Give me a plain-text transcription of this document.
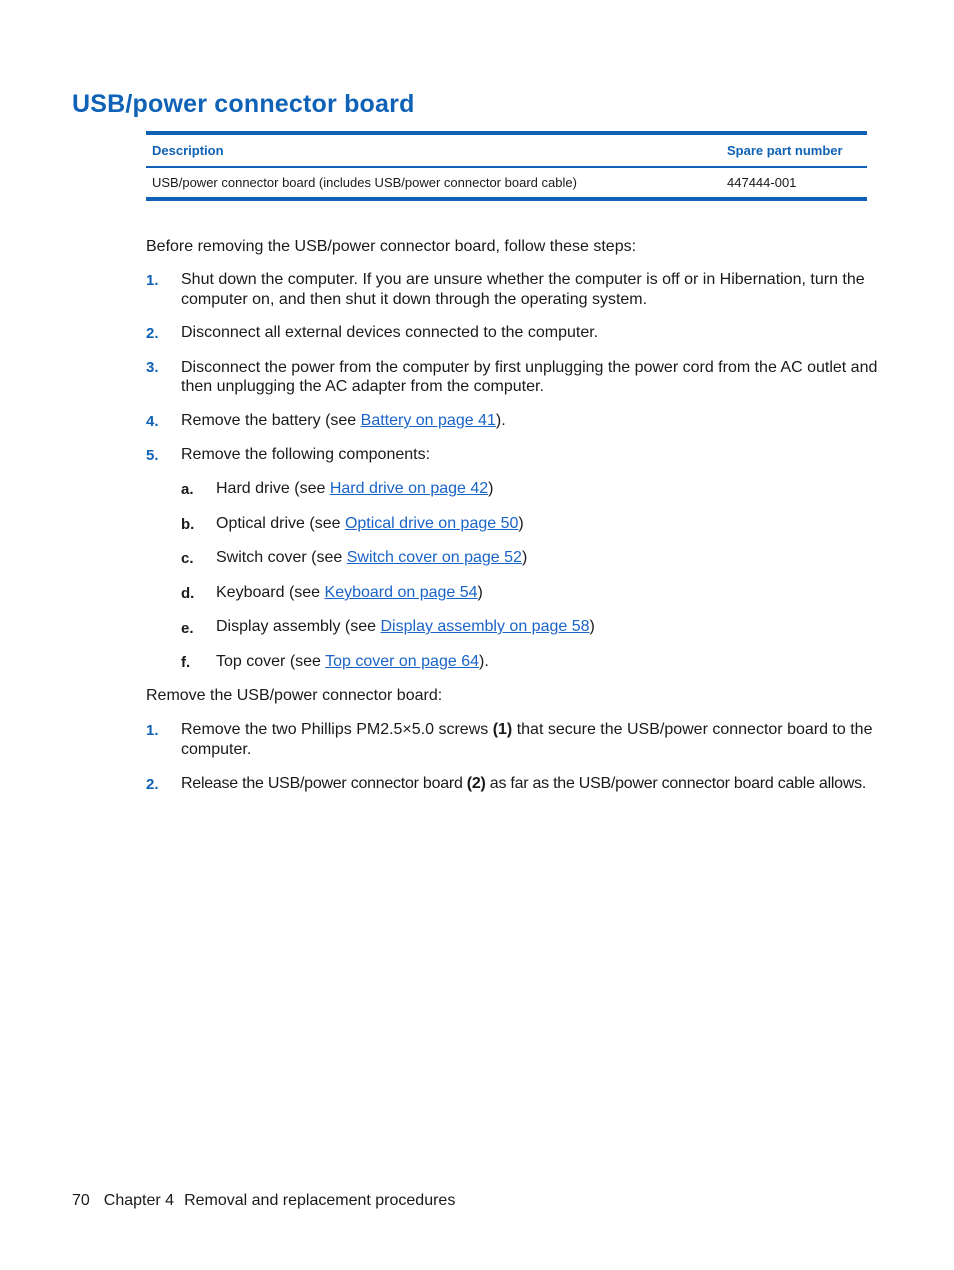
USB/power connector board
Description	Spare part number
USB/power connector board (includes USB/power connector board cable)	447444-001

Before removing the USB/power connector board, follow these steps:

1. Shut down the computer. If you are unsure whether the computer is off or in Hibernation, turn the

computer on, and then shut it down through the operating system.

2. Disconnect all external devices connected to the computer.

3. Disconnect the power from the computer by first unplugging the power cord from the AC outlet and

then unplugging the AC adapter from the computer.

4. Remove the battery (see Battery on page 41).

5. Remove the following components:

a. Hard drive (see Hard drive on page 42)

b. Optical drive (see Optical drive on page 50)

c. Switch cover (see Switch cover on page 52)

d. Keyboard (see Keyboard on page 54)

e. Display assembly (see Display assembly on page 58)

f. Top cover (see Top cover on page 64).

Remove the USB/power connector board:

1. Remove the two Phillips PM2.5×5.0 screws (1) that secure the USB/power connector board to the

computer.

2. Release the USB/power connector board (2) as far as the USB/power connector board cable allows.

70 Chapter 4 Removal and replacement procedures
